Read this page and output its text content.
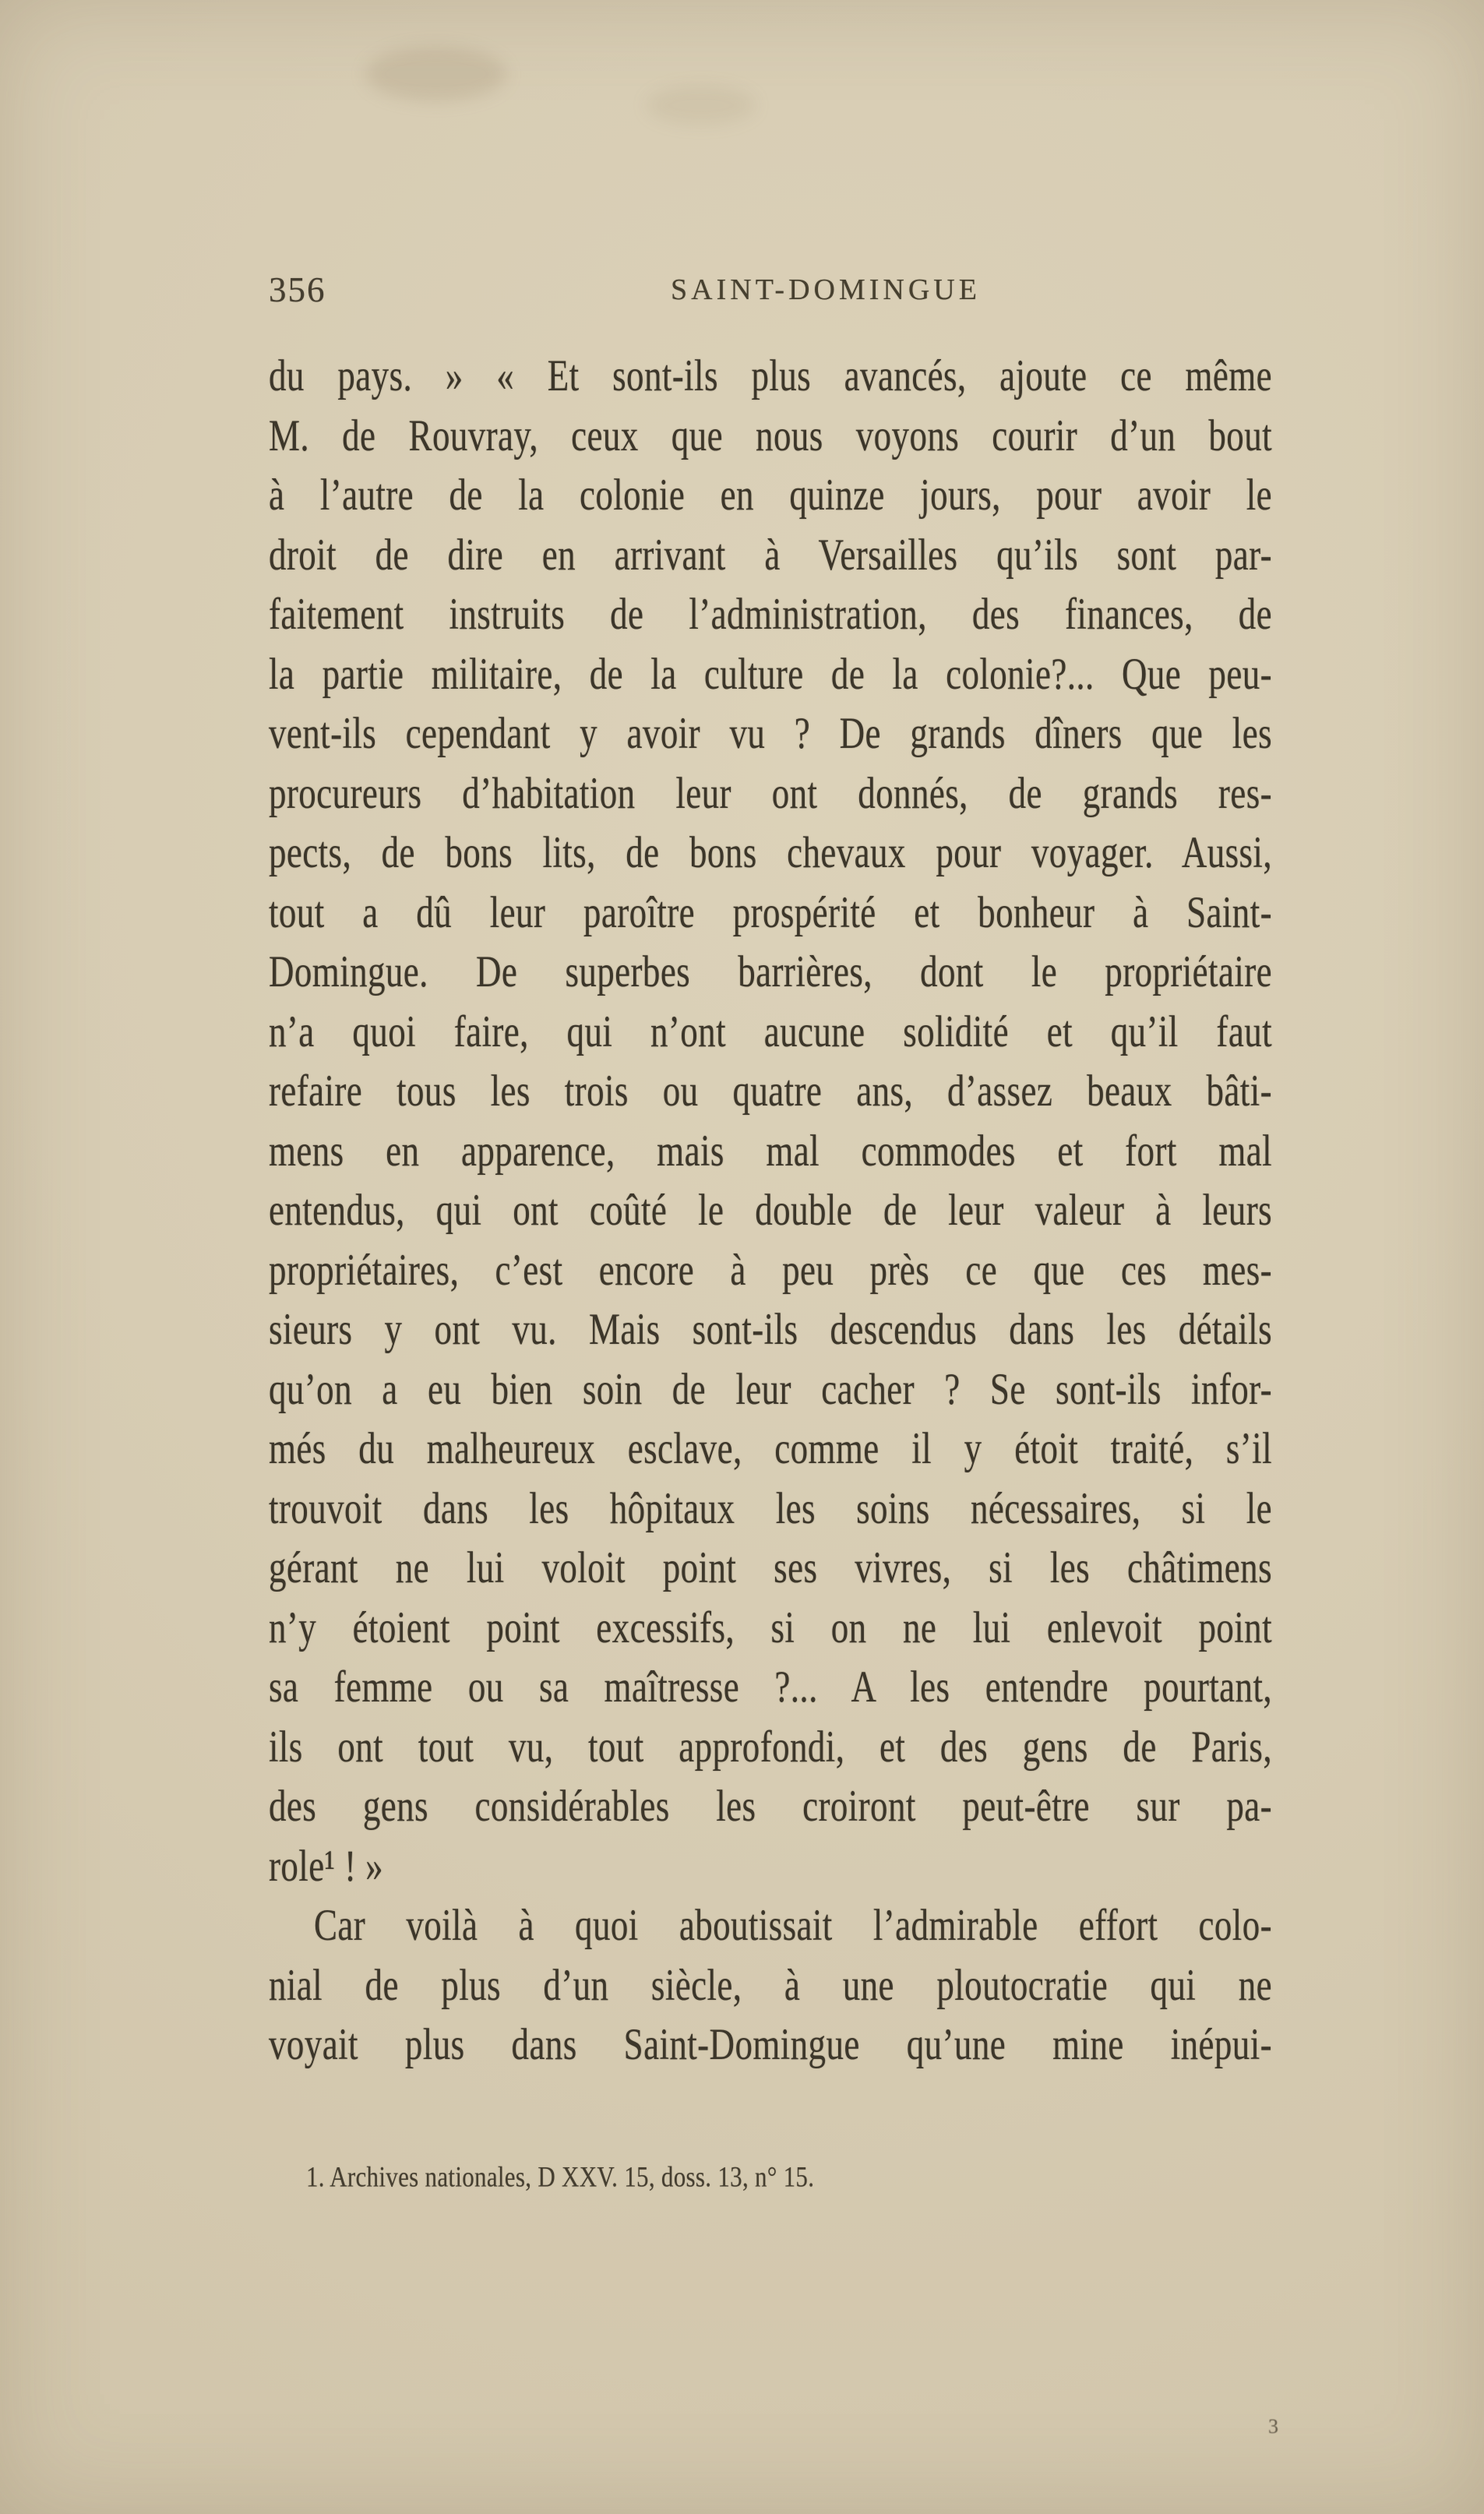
356	SAINT-DOMINGUE
du pays. » « Et sont-ils plus avancés, ajoute ce même
M. de Rouvray, ceux que nous voyons courir d’un bout
à l’autre de la colonie en quinze jours, pour avoir le
droit de dire en arrivant à Versailles qu’ils sont par-
faitement instruits de l’administration, des finances, de
la partie militaire, de la culture de la colonie?... Que peu-
vent-ils cependant y avoir vu ? De grands dîners que les
procureurs d’habitation leur ont donnés, de grands res-
pects, de bons lits, de bons chevaux pour voyager. Aussi,
tout a dû leur paroître prospérité et bonheur à Saint-
Domingue. De superbes barrières, dont le propriétaire
n’a quoi faire, qui n’ont aucune solidité et qu’il faut
refaire tous les trois ou quatre ans, d’assez beaux bâti-
mens en apparence, mais mal commodes et fort mal
entendus, qui ont coûté le double de leur valeur à leurs
propriétaires, c’est encore à peu près ce que ces mes-
sieurs y ont vu. Mais sont-ils descendus dans les détails
qu’on a eu bien soin de leur cacher ? Se sont-ils infor-
més du malheureux esclave, comme il y étoit traité, s’il
trouvoit dans les hôpitaux les soins nécessaires, si le
gérant ne lui voloit point ses vivres, si les châtimens
n’y étoient point excessifs, si on ne lui enlevoit point
sa femme ou sa maîtresse ?... A les entendre pourtant,
ils ont tout vu, tout approfondi, et des gens de Paris,
des gens considérables les croiront peut-être sur pa-
role¹ ! »
Car voilà à quoi aboutissait l’admirable effort colo-
nial de plus d’un siècle, à une ploutocratie qui ne
voyait plus dans Saint-Domingue qu’une mine inépui-
1. Archives nationales, D XXV. 15, doss. 13, n° 15.
3
